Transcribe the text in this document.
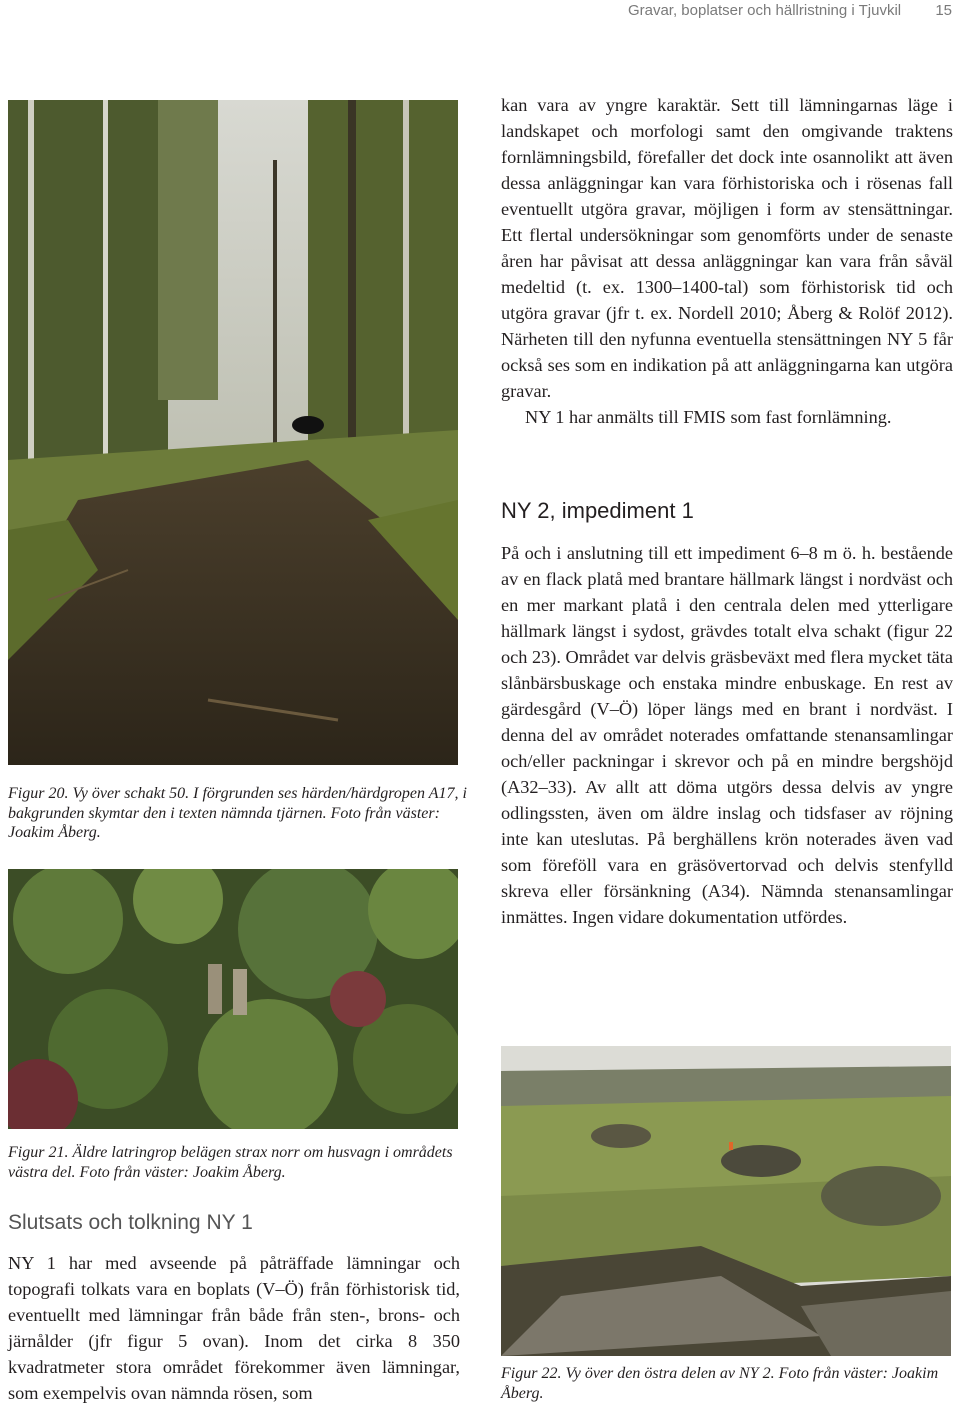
Gravar, boplatser och hällristning i Tjuvkil 15
Figur 20. Vy över schakt 50. I förgrunden ses härden/härdgropen A17, i bakgrunden skymtar den i texten nämnda tjärnen. Foto från väster: Joakim Åberg.
Figur 21. Äldre latringrop belägen strax norr om husvagn i områdets västra del. Foto från väster: Joakim Åberg.
Figur 22. Vy över den östra delen av NY 2. Foto från väster: Joakim Åberg.

kan vara av yngre karaktär. Sett till lämningarnas läge i landskapet och morfologi samt den omgivande traktens fornlämningsbild, förefaller det dock inte osannolikt att även dessa anläggningar kan vara förhistoriska och i rösenas fall eventuellt utgöra gravar, möjligen i form av stensättningar. Ett flertal undersökningar som genomförts under de senaste åren har påvisat att dessa anläggningar kan vara från såväl medeltid (t. ex. 1300–1400-tal) som förhistorisk tid och utgöra gravar (jfr t. ex. Nordell 2010; Åberg & Rolöf 2012). Närheten till den nyfunna eventuella stensättningen NY 5 får också ses som en indikation på att anläggningarna kan utgöra gravar.

NY 1 har anmälts till FMIS som fast fornlämning.

NY 2, impediment 1

På och i anslutning till ett impediment 6–8 m ö. h. bestående av en flack platå med brantare hällmark längst i nordväst och en mer markant platå i den centrala delen med ytterligare hällmark längst i sydost, grävdes totalt elva schakt (figur 22 och 23). Området var delvis gräsbeväxt med flera mycket täta slånbärsbuskage och enstaka mindre enbuskage. En rest av gärdesgård (V–Ö) löper längs med en brant i nordväst. I denna del av området noterades omfattande stenansamlingar och/eller packningar i skrevor och på en mindre bergshöjd (A32–33). Av allt att döma utgörs dessa delvis av yngre odlingssten, även om äldre inslag och tidsfaser av röjning inte kan uteslutas. På berghällens krön noterades även vad som föreföll vara en gräsövertorvad och delvis stenfylld skreva eller försänkning (A34). Nämnda stenansamlingar inmättes. Ingen vidare dokumentation utfördes.

Slutsats och tolkning NY 1

NY 1 har med avseende på påträffade lämningar och topografi tolkats vara en boplats (V–Ö) från förhistorisk tid, eventuellt med lämningar från både från sten-, brons- och järnålder (jfr figur 5 ovan). Inom det cirka 8 350 kvadratmeter stora området förekommer även lämningar, som exempelvis ovan nämnda rösen, som
